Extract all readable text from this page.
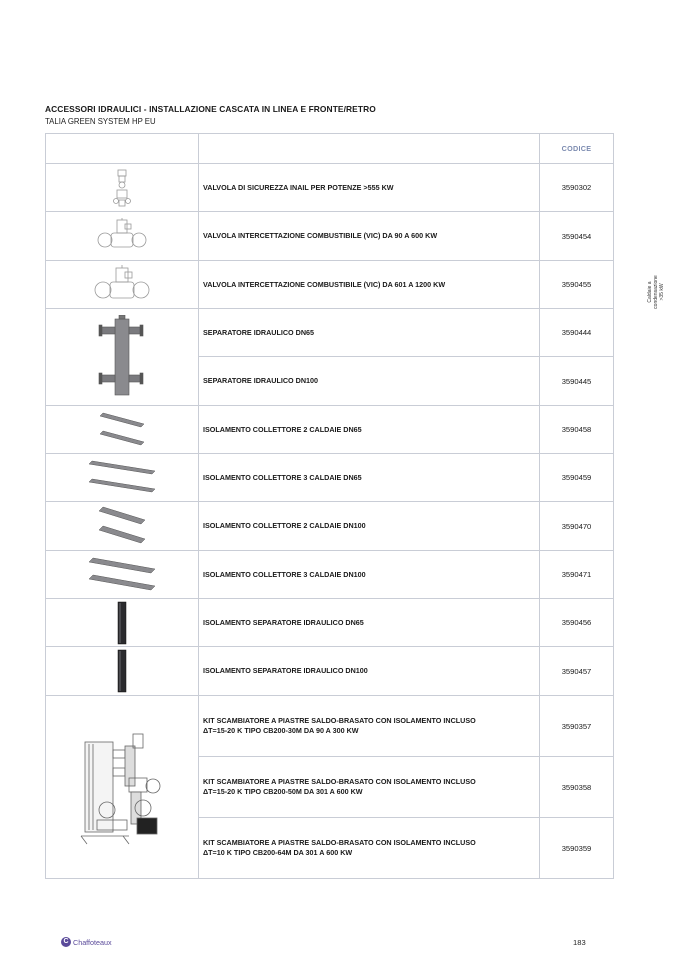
ACCESSORI IDRAULICI - INSTALLAZIONE CASCATA IN LINEA E FRONTE/RETRO
TALIA GREEN SYSTEM HP EU
Caldaie a
condensazione
>35 kW
		CODICE

	VALVOLA DI SICUREZZA INAIL PER POTENZE >555 KW	3590302

	VALVOLA INTERCETTAZIONE COMBUSTIBILE (VIC) DA 90 A 600 KW	3590454

	VALVOLA INTERCETTAZIONE COMBUSTIBILE (VIC) DA 601 A 1200 KW	3590455

	SEPARATORE IDRAULICO DN65	3590444
	SEPARATORE IDRAULICO DN100	3590445

	ISOLAMENTO COLLETTORE 2 CALDAIE DN65	3590458

	ISOLAMENTO COLLETTORE 3 CALDAIE DN65	3590459

	ISOLAMENTO COLLETTORE 2 CALDAIE DN100	3590470

	ISOLAMENTO COLLETTORE 3 CALDAIE DN100	3590471

	ISOLAMENTO SEPARATORE IDRAULICO DN65	3590456

	ISOLAMENTO SEPARATORE IDRAULICO DN100	3590457

KIT SCAMBIATORE A PIASTRE SALDO-BRASATO CON ISOLAMENTO INCLUSO
ΔT=15-20 K TIPO CB200-30M DA 90 A 300 KW	3590357

	KIT SCAMBIATORE A PIASTRE SALDO-BRASATO CON ISOLAMENTO INCLUSO
ΔT=15-20 K TIPO CB200-50M DA 301 A 600 KW	3590358

	KIT SCAMBIATORE A PIASTRE SALDO-BRASATO CON ISOLAMENTO INCLUSO
ΔT=10 K TIPO CB200-64M DA 301 A 600 KW	3590359
C Chaffoteaux	183
